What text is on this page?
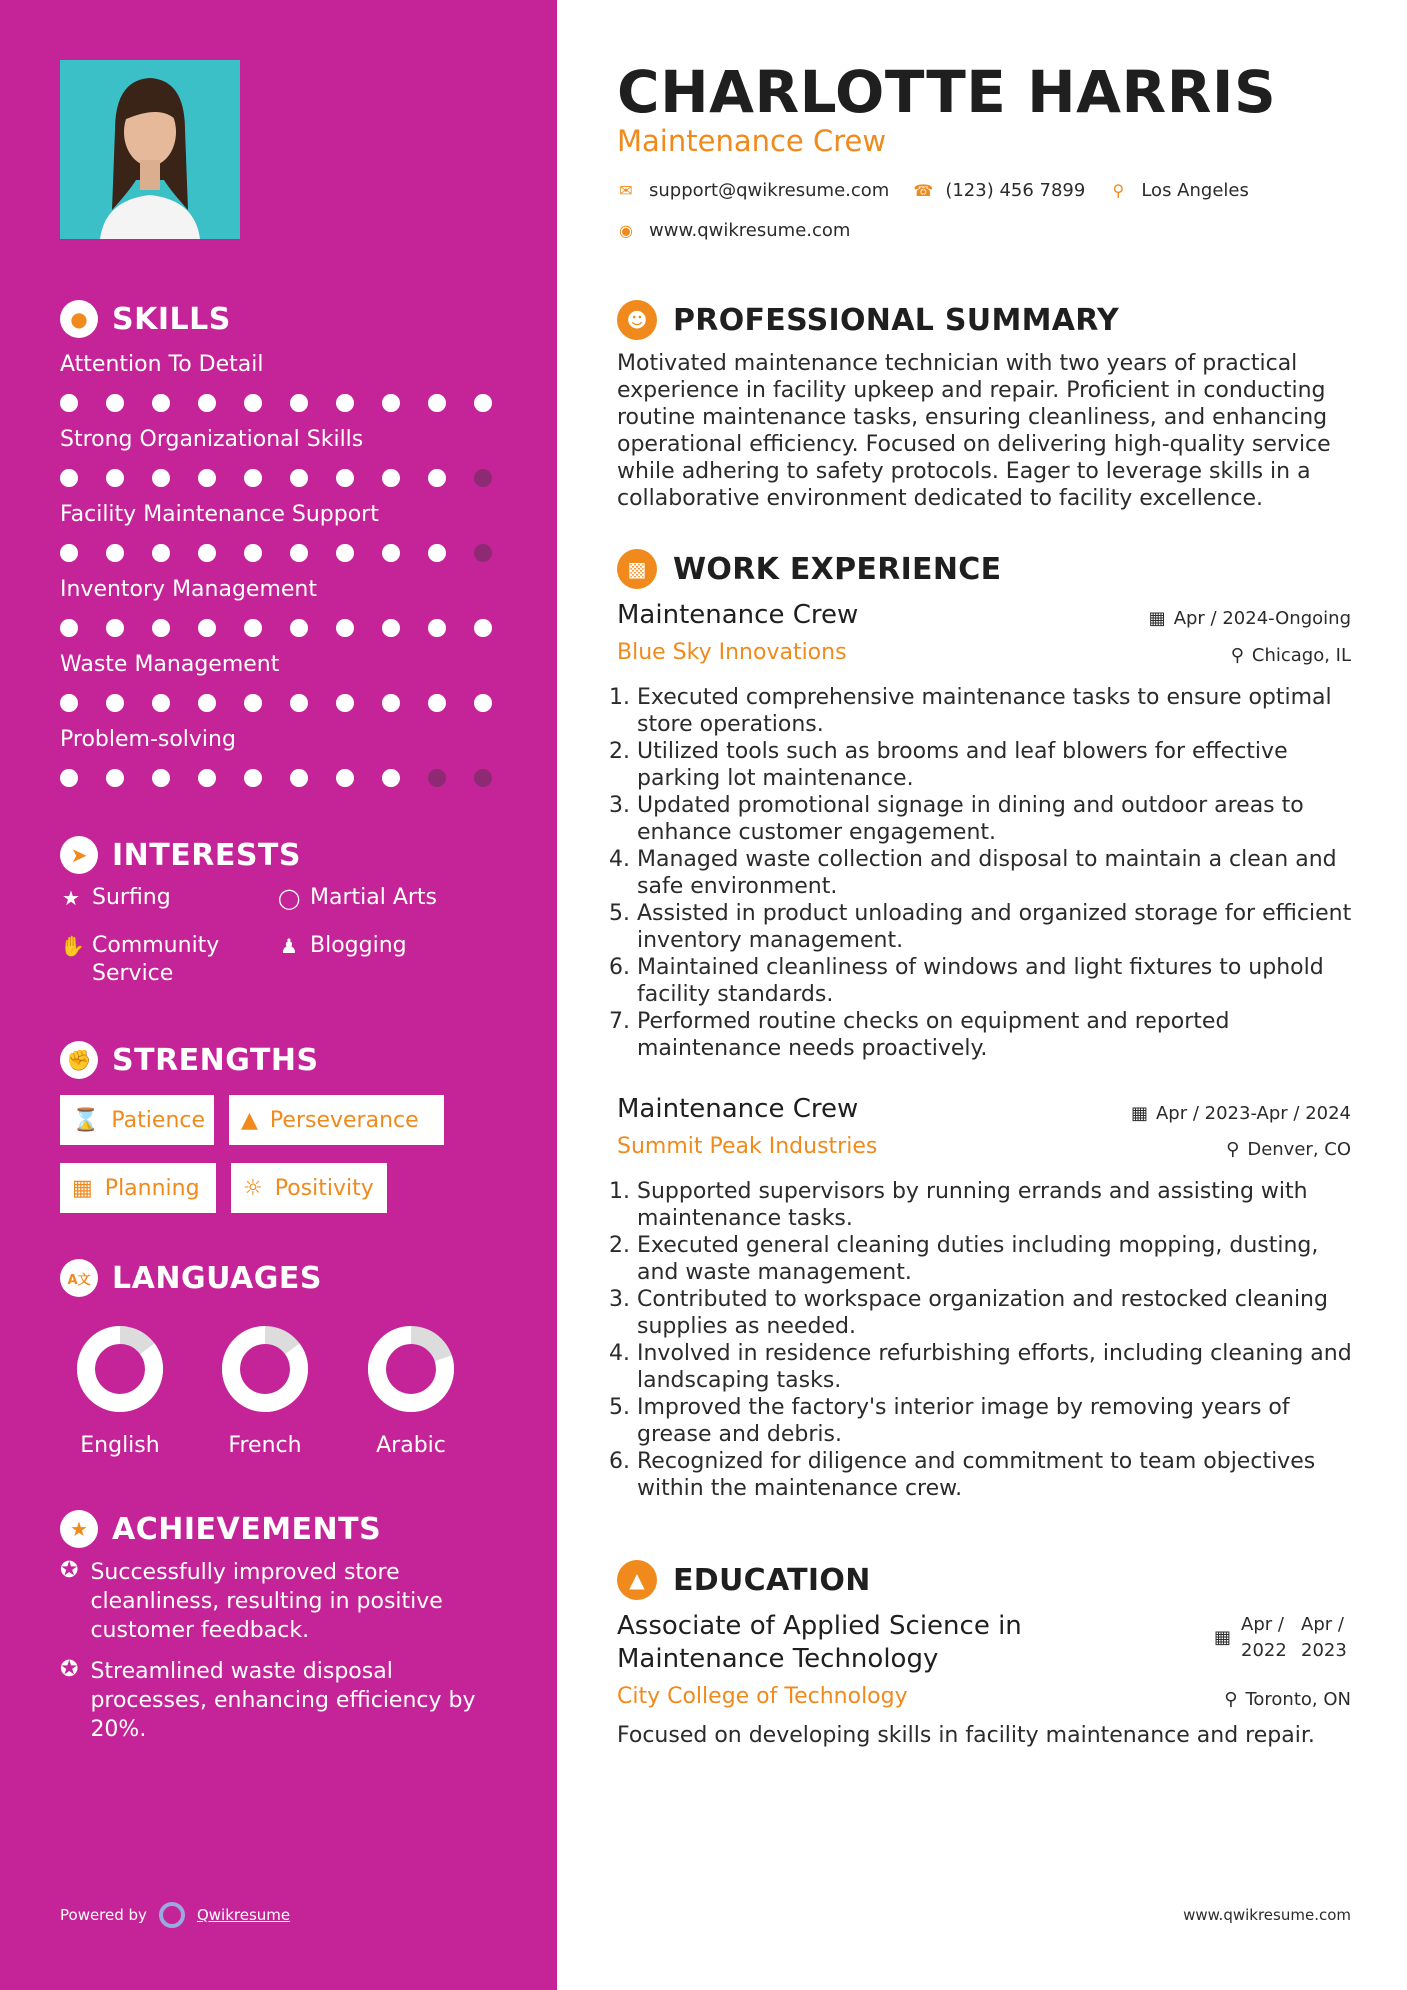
● SKILLS
Attention To Detail
Strong Organizational Skills
Facility Maintenance Support
Inventory Management
Waste Management
Problem-solving
➤ INTERESTS
★ Surfing	◯ Martial Arts
✋ Community Service
♟ Blogging
✊ STRENGTHS
⌛ Patience ▲ Perseverance
▦ Planning ☼ Positivity
A文 LANGUAGES
English	French	Arabic
★ ACHIEVEMENTS
✪ Successfully improved store cleanliness, resulting in positive customer feedback.
✪ Streamlined waste disposal processes, enhancing efficiency by 20%.
Powered by	Qwikresume
CHARLOTTE HARRIS
Maintenance Crew
✉ support@qwikresume.com ☎ (123) 456 7899 ⚲ Los Angeles
◉ www.qwikresume.com
☻ PROFESSIONAL SUMMARY
Motivated maintenance technician with two years of practical experience in facility upkeep and repair. Proficient in conducting routine maintenance tasks, ensuring cleanliness, and enhancing operational efficiency. Focused on delivering high-quality service while adhering to safety protocols. Eager to leverage skills in a collaborative environment dedicated to facility excellence.
▩ WORK EXPERIENCE
Maintenance Crew	▦ Apr / 2024-Ongoing
Blue Sky Innovations	⚲ Chicago, IL
1. Executed comprehensive maintenance tasks to ensure optimal store operations.
2. Utilized tools such as brooms and leaf blowers for effective parking lot maintenance.
3. Updated promotional signage in dining and outdoor areas to enhance customer engagement.
4. Managed waste collection and disposal to maintain a clean and safe environment.
5. Assisted in product unloading and organized storage for efficient inventory management.
6. Maintained cleanliness of windows and light fixtures to uphold facility standards.
7. Performed routine checks on equipment and reported maintenance needs proactively.
Maintenance Crew	▦ Apr / 2023-Apr / 2024
Summit Peak Industries	⚲ Denver, CO
1. Supported supervisors by running errands and assisting with maintenance tasks.
2. Executed general cleaning duties including mopping, dusting, and waste management.
3. Contributed to workspace organization and restocked cleaning supplies as needed.
4. Involved in residence refurbishing efforts, including cleaning and landscaping tasks.
5. Improved the factory's interior image by removing years of grease and debris.
6. Recognized for diligence and commitment to team objectives within the maintenance crew.
▲ EDUCATION
Associate of Applied Science in Maintenance Technology
▦
Apr / 2022
Apr / 2023
City College of Technology	⚲ Toronto, ON
Focused on developing skills in facility maintenance and repair.
www.qwikresume.com
